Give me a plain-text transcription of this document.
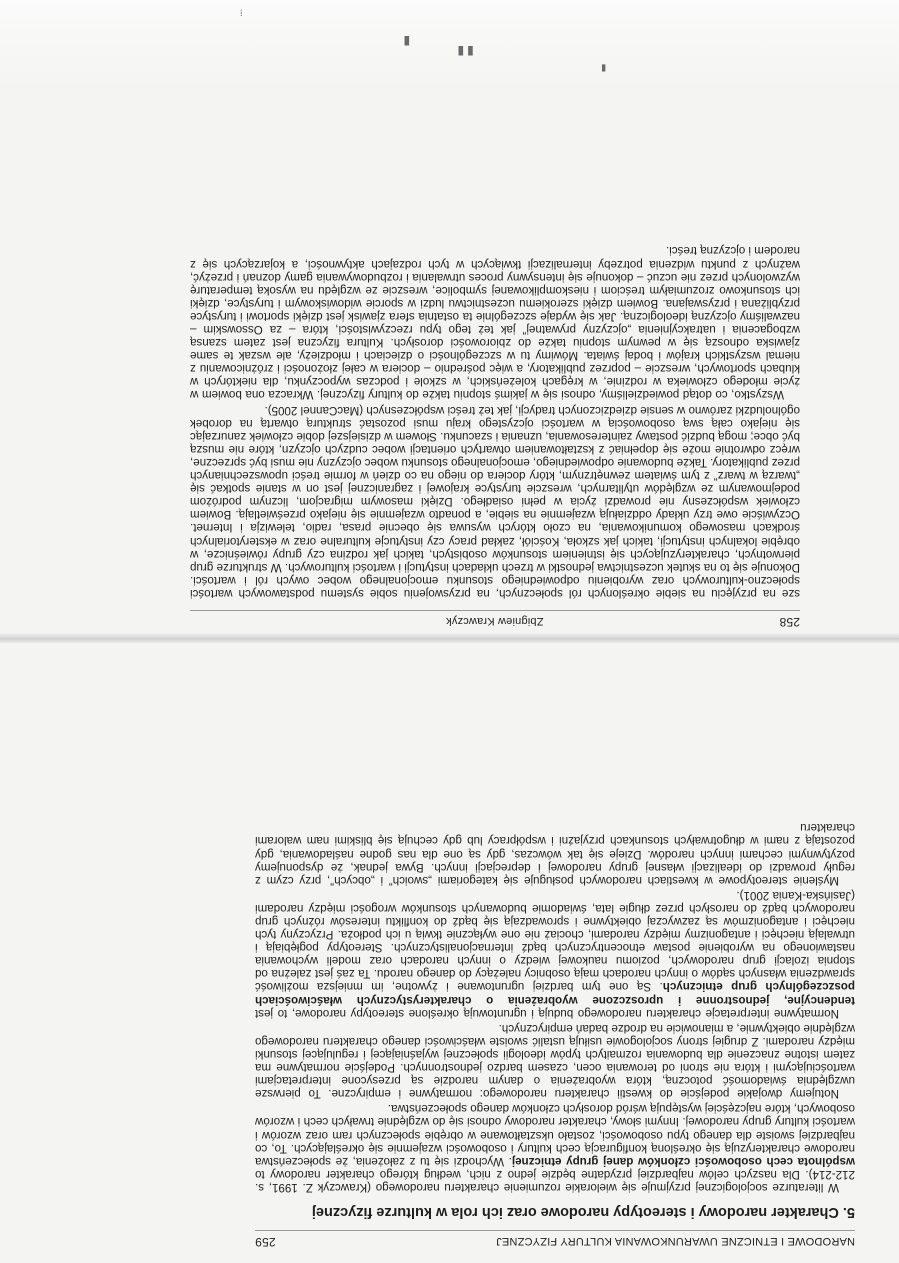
258
Zbigniew Krawczyk

sze na przyjęciu na siebie określonych ról społecznych, na przyswojeniu sobie systemu podstawowych wartości społeczno-kulturowych oraz wyrobieniu odpowiedniego stosunku emocjonalnego wobec owych ról i wartości. Dokonuje się to na skutek uczestnictwa jednostki w trzech układach instytucji i wartości kulturowych. W strukturze grup pierwotnych, charakteryzujących się istnieniem stosunków osobistych, takich jak rodzina czy grupy rówieśnicze, w obrębie lokalnych instytucji, takich jak szkoła, Kościół, zakład pracy czy instytucje kulturalne oraz w eksterytorialnych środkach masowego komunikowania, na czoło których wysuwa się obecnie prasa, radio, telewizja i Internet. Oczywiście owe trzy układy oddziałują wzajemnie na siebie, a ponadto wzajemnie się niejako prześwietlają. Bowiem człowiek współczesny nie prowadzi życia w pełni osiadłego. Dzięki masowym migracjom, licznym podróżom podejmowanym ze względów utylitarnych, wreszcie turystyce krajowej i zagranicznej jest on w stanie spotkać się „twarzą w twarz” z tym światem zewnętrznym, który dociera do niego na co dzień w formie treści upowszechnianych przez publikatory. Także budowanie odpowiedniego, emocjonalnego stosunku wobec ojczyzny nie musi być sprzeczne, wręcz odwrotnie może się dopełniać z kształtowaniem otwartych orientacji wobec cudzych ojczyzn, które nie muszą być obce; mogą budzić postawy zainteresowania, uznania i szacunku. Słowem w dzisiejszej dobie człowiek zanurzając się niejako całą swą osobowością w wartości ojczystego kraju musi pozostać strukturą otwartą na dorobek ogólnoludzki zarówno w sensie dziedziczonych tradycji, jak też treści współczesnych (MacCannel 2005).

Wszystko, co dotąd powiedzieliśmy, odnosi się w jakimś stopniu także do kultury fizycznej. Wkracza ona bowiem w życie młodego człowieka w rodzinie, w kręgach koleżeńskich, w szkole i podczas wypoczynku, dla niektórych w klubach sportowych, wreszcie – poprzez publikatory, a więc pośrednio – dociera w całej złożoności i zróżnicowaniu z niemal wszystkich krajów i bodaj świata. Mówimy tu w szczególności o dzieciach i młodzieży, ale wszak te same zjawiska odnoszą się w pewnym stopniu także do zbiorowości dorosłych. Kultura fizyczna jest zatem szansą wzbogacenia i uatrakcyjnienia „ojczyzny prywatnej” jak też tego typu rzeczywistości, która – za Ossowskim – nazwaliśmy ojczyzną ideologiczną. Jak się wydaje szczególnie ta ostatnia sfera zjawisk jest dzięki sportowi i turystyce przybliżana i przyswajana. Bowiem dzięki szerokiemu uczestnictwu ludzi w sporcie widowiskowym i turystyce, dzięki ich stosunkowo zrozumiałym treściom i nieskomplikowanej symbolice, wreszcie ze względu na wysoką temperaturę wyzwolonych przez nie uczuć – dokonuje się intensywny proces utrwalania i rozbudowywania gamy doznań i przeżyć, ważnych z punktu widzenia potrzeby internalizacji tkwiących w tych rodzajach aktywności, a kojarzących się z narodem i ojczyzną treści.

NARODOWE I ETNICZNE UWARUNKOWANIA KULTURY FIZYCZNEJ
259
5. Charakter narodowy i stereotypy narodowe oraz ich rola w kulturze fizycznej

W literaturze socjologicznej przyjmuje się wielorakie rozumienie charakteru narodowego (Krawczyk Z. 1991, s. 212-214). Dla naszych celów najbardziej przydatne będzie jedno z nich, według którego charakter narodowy to wspólnota cech osobowości członków danej grupy etnicznej. Wychodzi się tu z założenia, że społeczeństwa narodowe charakteryzują się określoną konfiguracją cech kultury i osobowości wzajemnie się określających. To, co najbardziej swoiste dla danego typu osobowości, zostało ukształtowane w obrębie społecznych ram oraz wzorów i wartości kultury grupy narodowej. Innymi słowy, charakter narodowy odnosi się do względnie trwałych cech i wzorów osobowych, które najczęściej występują wśród dorosłych członków danego społeczeństwa.

Notujemy dwojakie podejście do kwestii charakteru narodowego: normatywne i empiryczne. To pierwsze uwzględnia świadomość potoczną, która wyobrażenia o danym narodzie są przesycone interpretacjami wartościującymi i która nie stroni od terowania ocen, czasem bardzo jednostronnych. Podejście normatywne ma zatem istotne znaczenie dla budowania rozmaitych typów ideologii społecznej wyjaśniającej i regulującej stosunki między narodami. Z drugiej strony socjologowie usiłują ustalić swoiste właściwości danego charakteru narodowego względnie obiektywnie, a mianowicie na drodze badań empirycznych.

Normatywne interpretacje charakteru narodowego budują i ugruntowują określone stereotypy narodowe, to jest tendencyjne, jednostronne i uproszczone wyobrażenia o charakterystycznych właściwościach poszczególnych grup etnicznych. Są one tym bardziej ugruntowane i żywotne, im mniejsza możliwość sprawdzenia własnych sądów o innych narodach mają osobnicy należący do danego narodu. Ta zaś jest zależna od stopnia izolacji grup narodowych, poziomu naukowej wiedzy o innych narodach oraz modeli wychowania nastawionego na wyrobienie postaw etnocentrycznych bądź internacjonalistycznych. Stereotypy pogłębiają i utrwalają niechęci i antagonizmy między narodami, chociaż nie one wyłącznie tkwią u ich podłoża. Przyczyny tych niechęci i antagonizmów są zazwyczaj obiektywne i sprowadzają się bądź do konfliktu interesów różnych grup narodowych bądź do narosłych przez długie lata, świadomie budowanych stosunków wrogości między narodami (Jasińska-Kania 2001).

Myślenie stereotypowe w kwestiach narodowych posługuje się kategoriami „swoich” i „obcych”, przy czym z reguły prowadzi do idealizacji własnej grupy narodowej i deprecjacji innych. Bywa jednak, że dysponujemy pozytywnymi cechami innych narodów. Dzieje się tak wówczas, gdy są one dla nas godne naśladowania, gdy pozostają z nami w długotrwałych stosunkach przyjaźni i współpracy lub gdy cechują się bliskimi nam walorami charakteru

⁞
▮
▮▮
▮
